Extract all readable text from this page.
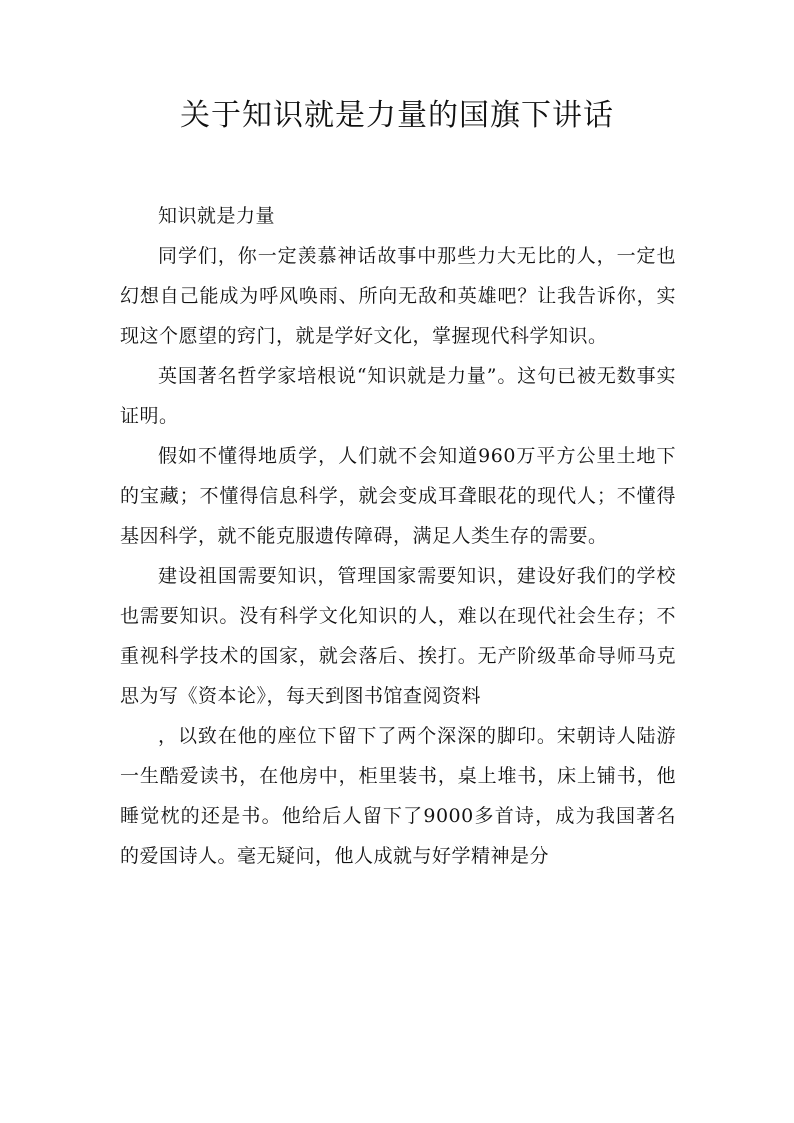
关于知识就是力量的国旗下讲话

知识就是力量

同学们，你一定羡慕神话故事中那些力大无比的人，一定也幻想自己能成为呼风唤雨、所向无敌和英雄吧？让我告诉你，实现这个愿望的窍门，就是学好文化，掌握现代科学知识。

英国著名哲学家培根说“知识就是力量”。这句已被无数事实证明。

假如不懂得地质学，人们就不会知道960万平方公里土地下的宝藏；不懂得信息科学，就会变成耳聋眼花的现代人；不懂得基因科学，就不能克服遗传障碍，满足人类生存的需要。

建设祖国需要知识，管理国家需要知识，建设好我们的学校也需要知识。没有科学文化知识的人，难以在现代社会生存；不重视科学技术的国家，就会落后、挨打。无产阶级革命导师马克思为写《资本论》，每天到图书馆查阅资料

，以致在他的座位下留下了两个深深的脚印。宋朝诗人陆游一生酷爱读书，在他房中，柜里装书，桌上堆书，床上铺书，他睡觉枕的还是书。他给后人留下了9000多首诗，成为我国著名的爱国诗人。毫无疑问，他人成就与好学精神是分
